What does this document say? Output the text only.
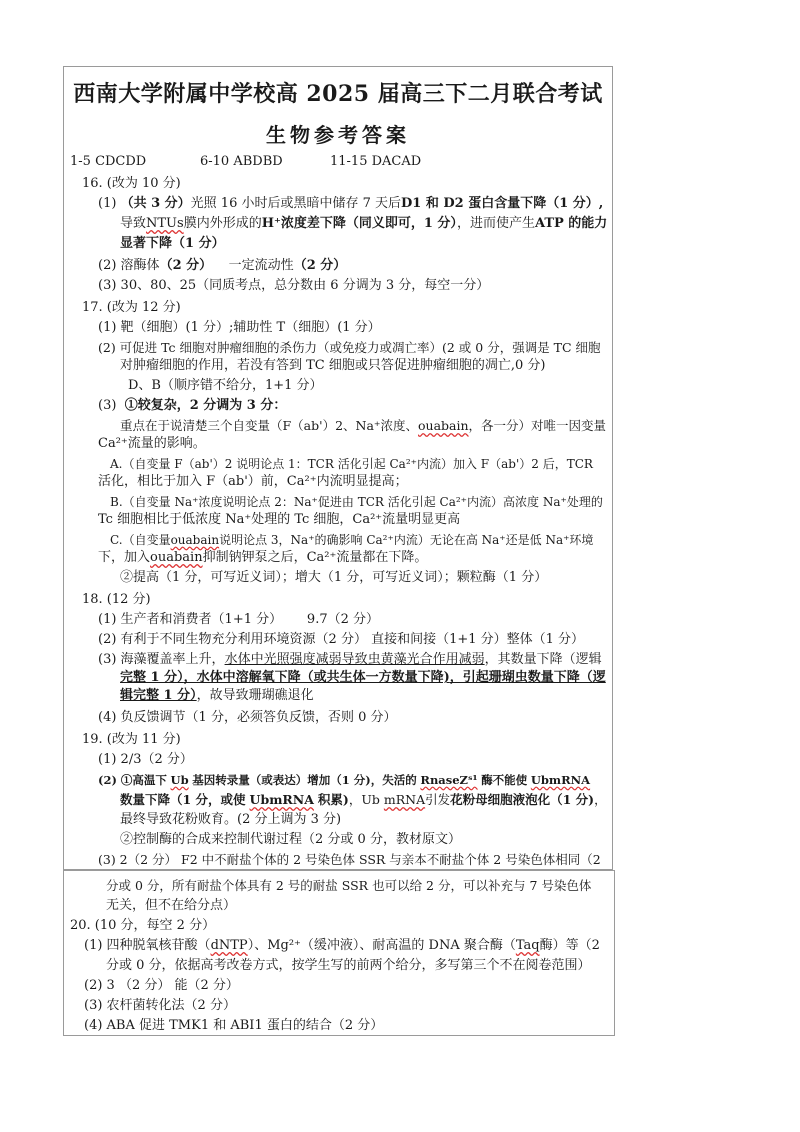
西南大学附属中学校高 2025 届高三下二月联合考试
生物参考答案
1-5 CDCDD	6-10 ABDBD	11-15 DACAD
16. (改为 10 分)
(1) （共 3 分）光照 16 小时后或黑暗中储存 7 天后D1 和 D2 蛋白含量下降（1 分）,
导致NTUs膜内外形成的H⁺浓度差下降（同义即可，1 分），进而使产生ATP 的能力
显著下降（1 分）
(2) 溶酶体（2 分） 一定流动性（2 分）
(3) 30、80、25（同质考点，总分数由 6 分调为 3 分，每空一分）
17. (改为 12 分)
(1) 靶（细胞）(1 分）;辅助性 T（细胞）(1 分）
(2) 可促进 Tc 细胞对肿瘤细胞的杀伤力（或免疫力或凋亡率）(2 或 0 分，强调是 TC 细胞
对肿瘤细胞的作用，若没有答到 TC 细胞或只答促进肿瘤细胞的凋亡,0 分)
D、B（顺序错不给分，1+1 分）
(3) ①较复杂，2 分调为 3 分：
重点在于说清楚三个自变量（F（ab'）2、Na⁺浓度、ouabain，各一分）对唯一因变量
Ca²⁺流量的影响。
A.（自变量 F（ab'）2 说明论点 1：TCR 活化引起 Ca²⁺内流）加入 F（ab'）2 后，TCR
活化，相比于加入 F（ab'）前，Ca²⁺内流明显提高；
B.（自变量 Na⁺浓度说明论点 2：Na⁺促进由 TCR 活化引起 Ca²⁺内流）高浓度 Na⁺处理的
Tc 细胞相比于低浓度 Na⁺处理的 Tc 细胞，Ca²⁺流量明显更高
C.（自变量ouabain说明论点 3，Na⁺的确影响 Ca²⁺内流）无论在高 Na⁺还是低 Na⁺环境
下，加入ouabain抑制钠钾泵之后，Ca²⁺流量都在下降。
②提高（1 分，可写近义词）；增大（1 分，可写近义词）；颗粒酶（1 分）
18. (12 分)
(1) 生产者和消费者（1+1 分） 9.7（2 分）
(2) 有利于不同生物充分利用环境资源（2 分） 直接和间接（1+1 分）整体（1 分）
(3) 海藻覆盖率上升，水体中光照强度减弱导致虫黄藻光合作用减弱，其数量下降（逻辑
完整 1 分），水体中溶解氧下降（或共生体一方数量下降)，引起珊瑚虫数量下降（逻
辑完整 1 分），故导致珊瑚礁退化
(4) 负反馈调节（1 分，必须答负反馈，否则 0 分）
19. (改为 11 分)
(1) 2/3（2 分）
(2) ①高温下 Ub 基因转录量（或表达）增加（1 分)，失活的 RnaseZˢ¹ 酶不能使 UbmRNA
数量下降（1 分，或使 UbmRNA 积累)，Ub mRNA引发花粉母细胞液泡化（1 分)，
最终导致花粉败育。(2 分上调为 3 分)
②控制酶的合成来控制代谢过程（2 分或 0 分，教材原文）
(3) 2（2 分） F2 中不耐盐个体的 2 号染色体 SSR 与亲本不耐盐个体 2 号染色体相同（2
分或 0 分，所有耐盐个体具有 2 号的耐盐 SSR 也可以给 2 分，可以补充与 7 号染色体
无关，但不在给分点）
20. (10 分，每空 2 分）
(1) 四种脱氧核苷酸（dNTP）、Mg²⁺（缓冲液）、耐高温的 DNA 聚合酶（Taq酶）等（2
分或 0 分，依据高考改卷方式，按学生写的前两个给分，多写第三个不在阅卷范围）
(2) 3 （2 分） 能（2 分）
(3) 农杆菌转化法（2 分）
(4) ABA 促进 TMK1 和 ABI1 蛋白的结合（2 分）
